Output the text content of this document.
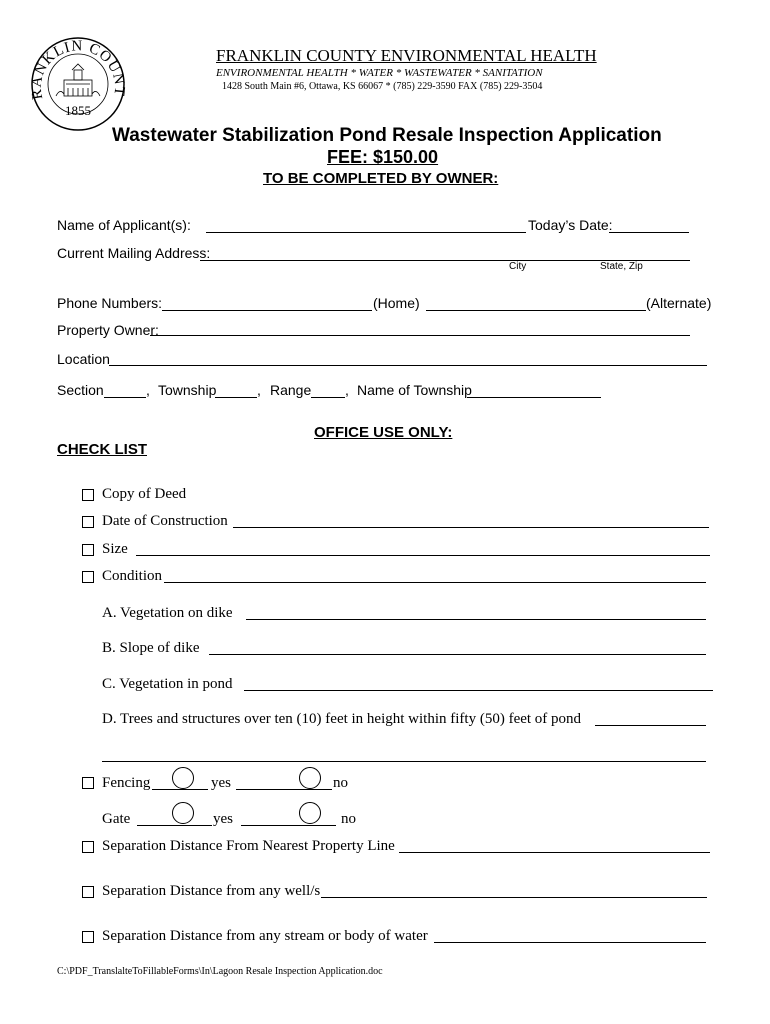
RANKLIN COUNT
1855
FRANKLIN COUNTY ENVIRONMENTAL HEALTH
ENVIRONMENTAL HEALTH * WATER * WASTEWATER * SANITATION
1428 South Main #6, Ottawa, KS 66067 * (785) 229-3590 FAX (785) 229-3504
Wastewater Stabilization Pond Resale Inspection Application
FEE: $150.00
TO BE COMPLETED BY OWNER:
Name of Applicant(s):	Today’s Date:
Current Mailing Address:
City	State, Zip
Phone Numbers:	(Home)	(Alternate)
Property Owner:
Location
Section	, Township	, Range , Name of Township
OFFICE USE ONLY:
CHECK LIST
Copy of Deed
Date of Construction
Size
Condition
A. Vegetation on dike
B. Slope of dike
C. Vegetation in pond
D. Trees and structures over ten (10) feet in height within fifty (50) feet of pond
Fencing	yes	no
Gate	yes	no
Separation Distance From Nearest Property Line
Separation Distance from any well/s
Separation Distance from any stream or body of water
C:\PDF_TranslalteToFillableForms\In\Lagoon Resale Inspection Application.doc
